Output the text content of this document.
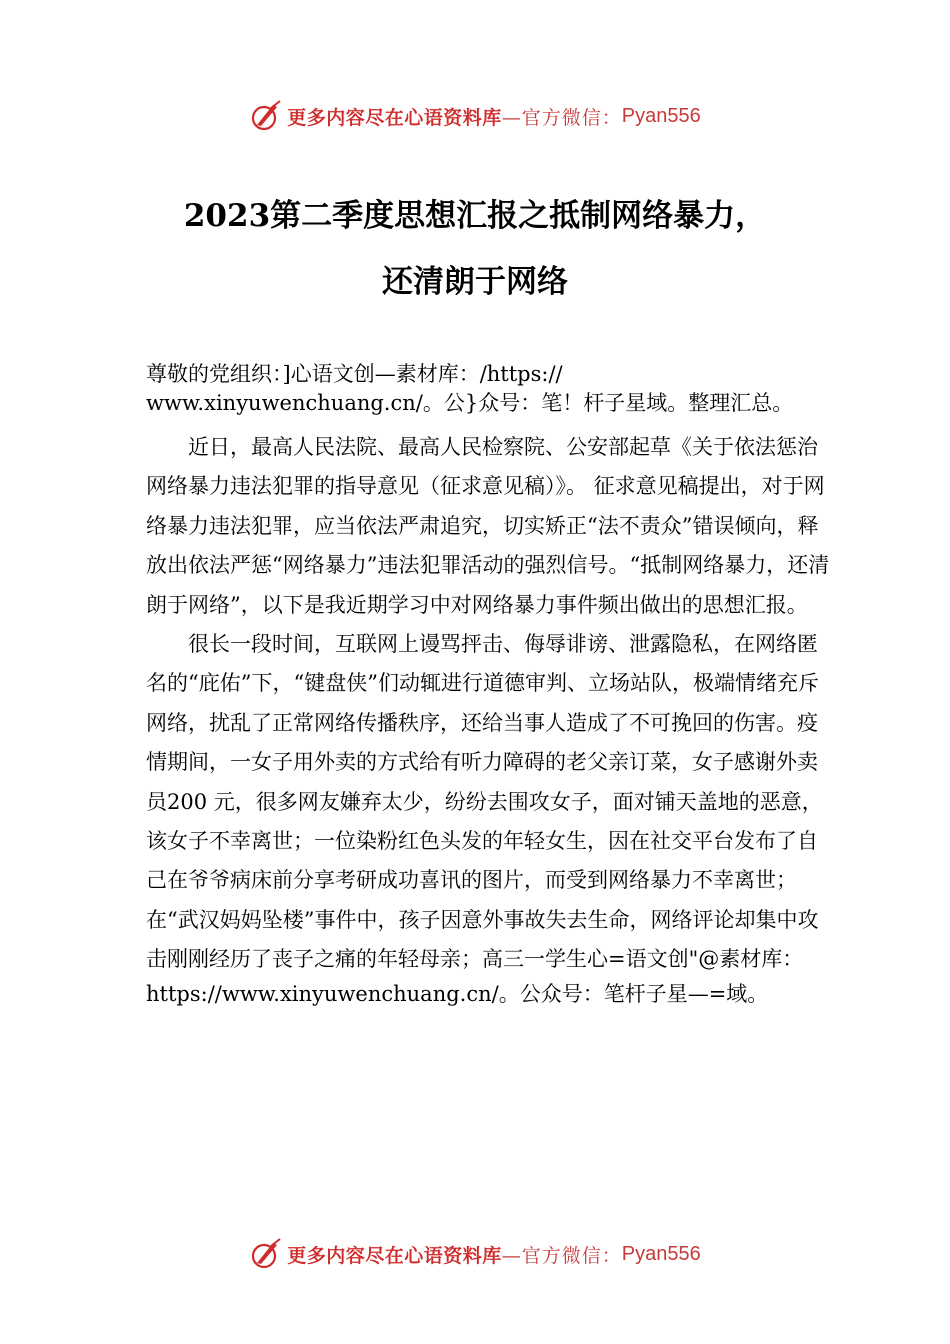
更多内容尽在心语资料库 —官方微信： Pyan556
2023第二季度思想汇报之抵制网络暴力，
还清朗于网络

尊敬的党组织：]心语文创—素材库：/https:// www.xinyuwenchuang.cn/。公}众号：笔！杆子星域。整理汇总。

近日，最高人民法院、最高人民检察院、公安部起草《关于依法惩治网络暴力违法犯罪的指导意见（征求意见稿）》。 征求意见稿提出，对于网络暴力违法犯罪，应当依法严肃追究，切实矫正“法不责众”错误倾向，释放出依法严惩“网络暴力”违法犯罪活动的强烈信号。“抵制网络暴力，还清朗于网络”，以下是我近期学习中对网络暴力事件频出做出的思想汇报。

很长一段时间，互联网上谩骂抨击、侮辱诽谤、泄露隐私，在网络匿名的“庇佑”下，“键盘侠”们动辄进行道德审判、立场站队，极端情绪充斥网络，扰乱了正常网络传播秩序，还给当事人造成了不可挽回的伤害。疫情期间，一女子用外卖的方式给有听力障碍的老父亲订菜，女子感谢外卖员200 元，很多网友嫌弃太少，纷纷去围攻女子，面对铺天盖地的恶意，该女子不幸离世；一位染粉红色头发的年轻女生，因在社交平台发布了自己在爷爷病床前分享考研成功喜讯的图片，而受到网络暴力不幸离世；在“武汉妈妈坠楼”事件中，孩子因意外事故失去生命，网络评论却集中攻击刚刚经历了丧子之痛的年轻母亲；高三一学生心=语文创"@素材库：

https://www.xinyuwenchuang.cn/。公众号：笔杆子星—=域。
更多内容尽在心语资料库 —官方微信： Pyan556
